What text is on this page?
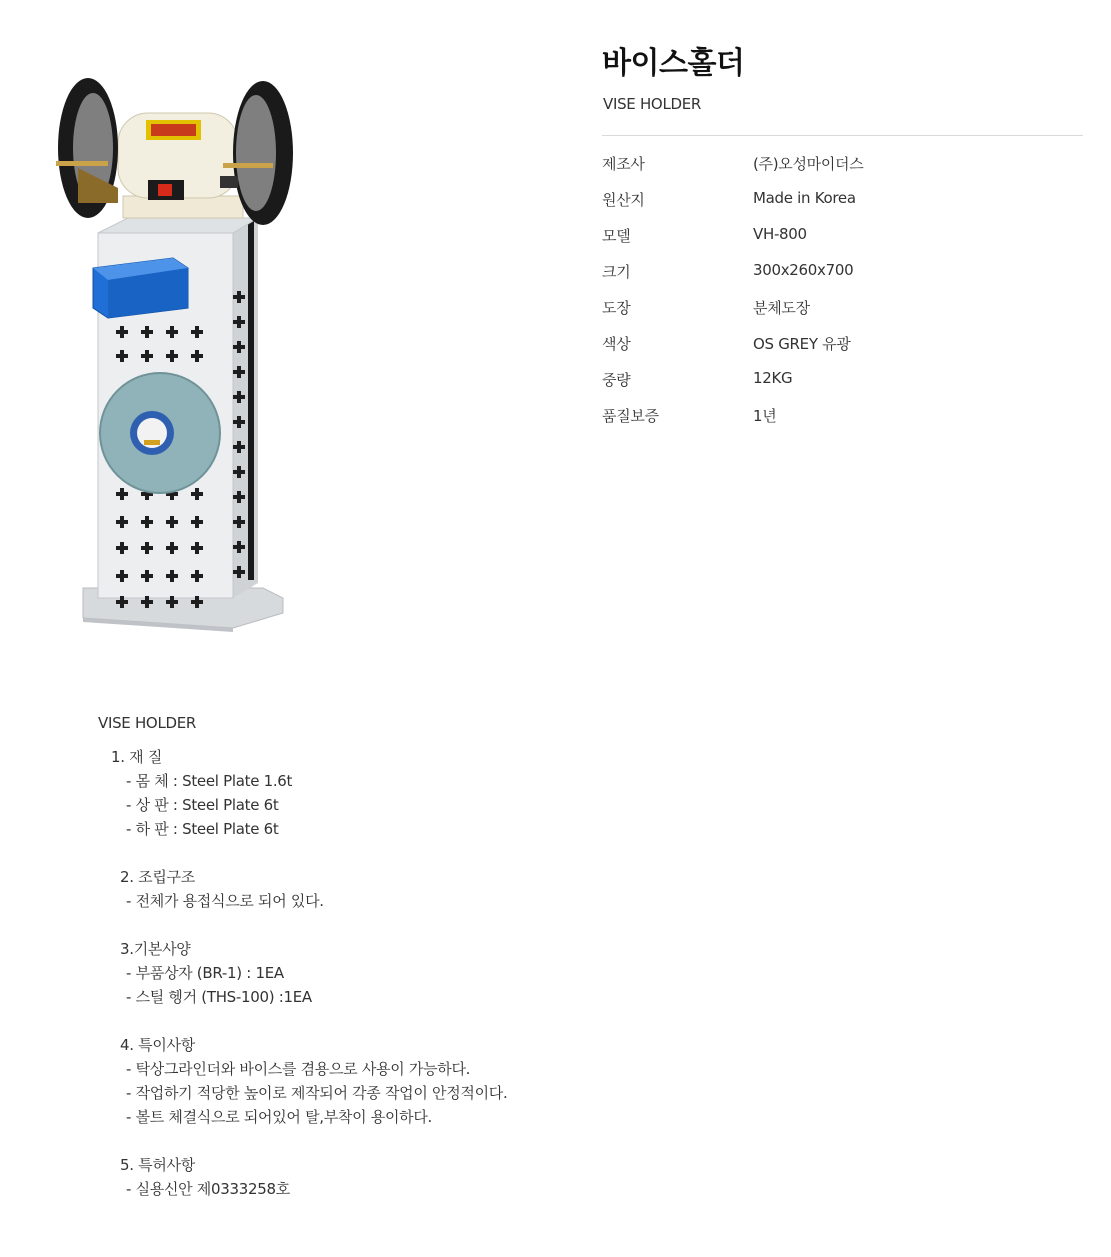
바이스홀더
VISE HOLDER
제조사	(주)오성마이더스
원산지	Made in Korea
모델	VH-800
크기	300x260x700
도장	분체도장
색상	OS GREY 유광
중량	12KG
품질보증	1년
VISE HOLDER
1. 재 질
- 몸 체 : Steel Plate 1.6t
- 상 판 : Steel Plate 6t
- 하 판 : Steel Plate 6t
2. 조립구조
- 전체가 용접식으로 되어 있다.
3.기본사양
- 부품상자 (BR-1) : 1EA
- 스틸 헹거 (THS-100) :1EA
4. 특이사항
- 탁상그라인더와 바이스를 겸용으로 사용이 가능하다.
- 작업하기 적당한 높이로 제작되어 각종 작업이 안정적이다.
- 볼트 체결식으로 되어있어 탈,부착이 용이하다.
5. 특허사항
- 실용신안 제0333258호
